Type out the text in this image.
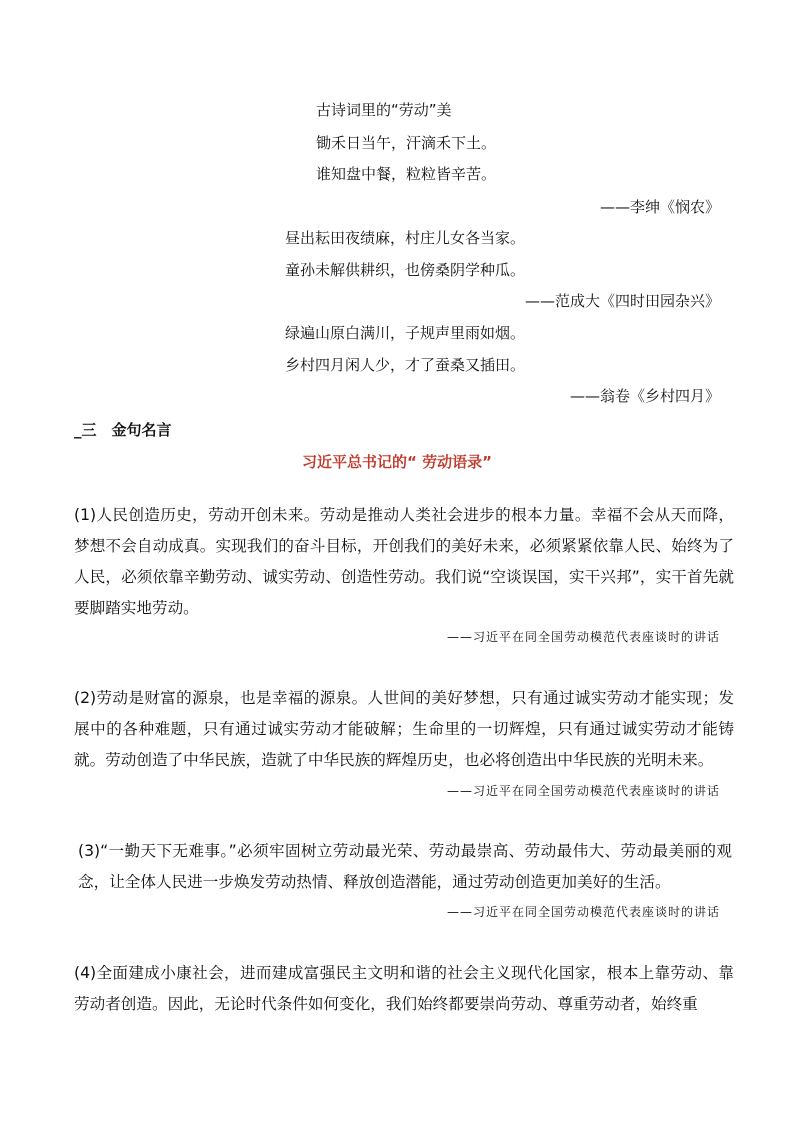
古诗词里的“劳动”美
锄禾日当午，汗滴禾下土。
谁知盘中餐，粒粒皆辛苦。
——李绅《悯农》
昼出耘田夜绩麻，村庄儿女各当家。
童孙未解供耕织，也傍桑阴学种瓜。
——范成大《四时田园杂兴》
绿遍山原白满川，子规声里雨如烟。
乡村四月闲人少，才了蚕桑又插田。
——翁卷《乡村四月》
_三　金句名言
习近平总书记的“ 劳动语录”
(1)人民创造历史，劳动开创未来。劳动是推动人类社会进步的根本力量。幸福不会从天而降，梦想不会自动成真。实现我们的奋斗目标，开创我们的美好未来，必须紧紧依靠人民、始终为了人民，必须依靠辛勤劳动、诚实劳动、创造性劳动。我们说“空谈误国，实干兴邦”，实干首先就要脚踏实地劳动。
——习近平在同全国劳动模范代表座谈时的讲话
(2)劳动是财富的源泉，也是幸福的源泉。人世间的美好梦想，只有通过诚实劳动才能实现；发展中的各种难题，只有通过诚实劳动才能破解；生命里的一切辉煌，只有通过诚实劳动才能铸就。劳动创造了中华民族，造就了中华民族的辉煌历史，也必将创造出中华民族的光明未来。
——习近平在同全国劳动模范代表座谈时的讲话
(3)“一勤天下无难事。”必须牢固树立劳动最光荣、劳动最崇高、劳动最伟大、劳动最美丽的观念，让全体人民进一步焕发劳动热情、释放创造潜能，通过劳动创造更加美好的生活。
——习近平在同全国劳动模范代表座谈时的讲话
(4)全面建成小康社会，进而建成富强民主文明和谐的社会主义现代化国家，根本上靠劳动、靠劳动者创造。因此，无论时代条件如何变化，我们始终都要崇尚劳动、尊重劳动者，始终重
